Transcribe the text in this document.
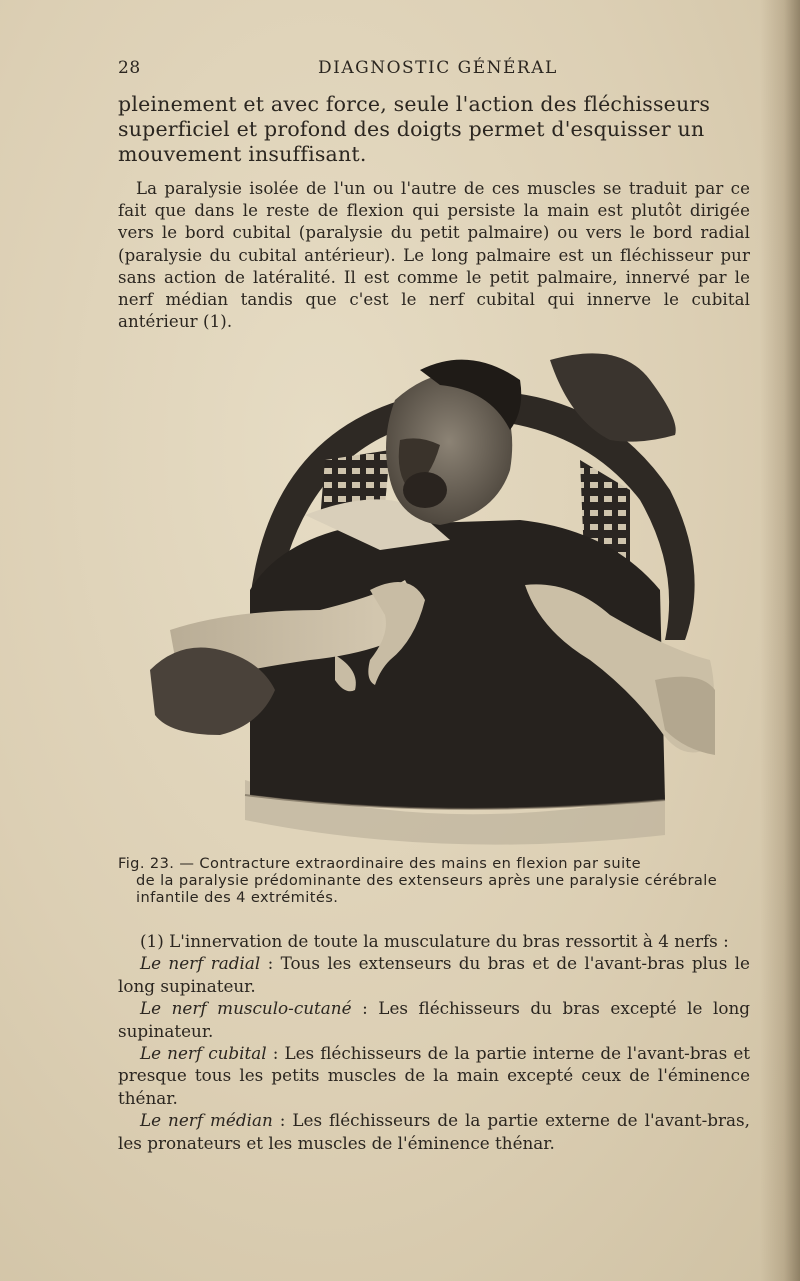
28	DIAGNOSTIC GÉNÉRAL

pleinement et avec force, seule l'action des fléchisseurs superficiel et profond des doigts permet d'esquisser un mouvement insuffisant.

La paralysie isolée de l'un ou l'autre de ces muscles se traduit par ce fait que dans le reste de flexion qui persiste la main est plutôt dirigée vers le bord cubital (paralysie du petit palmaire) ou vers le bord radial (paralysie du cubital antérieur). Le long palmaire est un fléchisseur pur sans action de latéralité. Il est comme le petit palmaire, innervé par le nerf médian tandis que c'est le nerf cubital qui innerve le cubital antérieur (1).

Fig. 23. — Contracture extraordinaire des mains en flexion par suite
de la paralysie prédominante des extenseurs après une paralysie cérébrale infantile des 4 extrémités.

(1) L'innervation de toute la musculature du bras ressortit à 4 nerfs :

Le nerf radial : Tous les extenseurs du bras et de l'avant-bras plus le long supinateur.

Le nerf musculo-cutané : Les fléchisseurs du bras excepté le long supinateur.

Le nerf cubital : Les fléchisseurs de la partie interne de l'avant-bras et presque tous les petits muscles de la main excepté ceux de l'éminence thénar.

Le nerf médian : Les fléchisseurs de la partie externe de l'avant-bras, les pronateurs et les muscles de l'éminence thénar.
